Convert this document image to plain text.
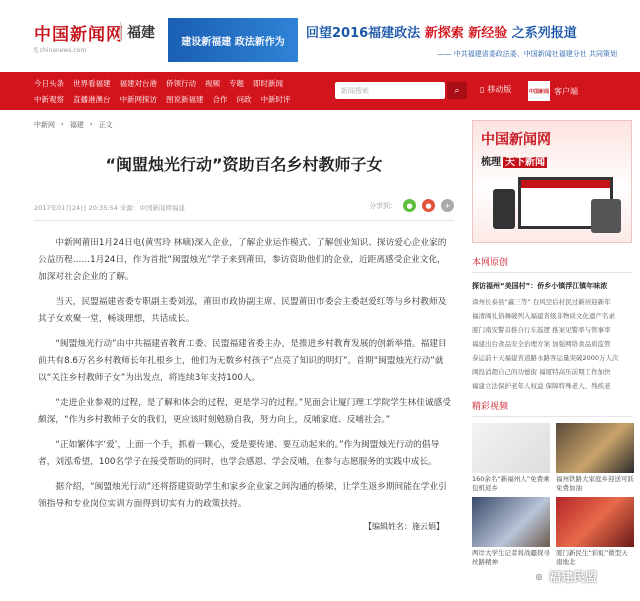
中国新闻网
fj.chinanews.com
福建
建设新福建 政法新作为
回望2016福建政法 新探索 新经验 之系列报道
—— 中共福建省委政法委、中国新闻社福建分社 共同策划
今日头条 世界看福建 福建对台港 侨领行动 视频 专题 即时新闻
中新观察 直播港澳台 中新网探访 图说新福建 合作 问政 中新时评
新闻搜索	⌕	▯ 移动版	中国新闻 客户端
中新网 › 福建 › 正文
“闽盟烛光行动”资助百名乡村教师子女
2017年01月24日 20:35:54 来源：中国新闻网福建	分享到：	●	●	+

中新网莆田1月24日电(黄雪玲 林嘀)深入企业，了解企业运作模式、了解创业知识、探访爱心企业家的公益历程……1月24日，作为首批“闽盟烛光”学子来到莆田，参访资助他们的企业，近距离感受企业文化，加深对社会企业的了解。

当天，民盟福建省委专职副主委刘泓，莆田市政协副主席、民盟莆田市委会主委赵爱红等与乡村教师及其子女欢聚一堂，畅谈理想，共话成长。

“闽盟烛光行动”由中共福建省教育工委、民盟福建省委主办，是推进乡村教育发展的创新举措。福建目前共有8.6万名乡村教师长年扎根乡土，他们为无数乡村孩子“点亮了知识的明灯”。首期“闽盟烛光行动”就以“关注乡村教师子女”为出发点，将连续3年支持100人。

“走进企业参观的过程，是了解和体会的过程，更是学习的过程。”见面会让厦门理工学院学生林佳诚感受颇深，“作为乡村教师子女的我们，更应该时刻勉励自我，努力向上，反哺家庭、反哺社会。”

“正如繁体字‘爱’，上面一个手，抓着一颗心，爱是要传递、要互动起来的。”作为闽盟烛光行动的倡导者，刘泓希望，100名学子在接受帮助的同时，也学会感恩、学会反哺，在参与志愿服务的实践中成长。

据介绍，“闽盟烛光行动”还将搭建资助学生和家乡企业家之间沟通的桥梁，让学生返乡期间能在学业引领指导和专业岗位实训方面得到切实有力的政策扶持。

【编辑姓名：施云娟】
中国新闻网
梳理 天下新闻
本网原创
探访福州“美国村”：侨乡小镇浮江镇年味浓
漳州长泰县“赢三等” 台风空后村民过新居迎新年
福清闽礼俗舞破列入福建省级非物质文化遗产名录
厦门南安警首推自行车巡逻 推案见警率与管事率
福建出台食品安全治理方案 加强网络食品质监管
泰运前十天福建省道路水路客运量突破2000万人次
闽投消超自己的功德街 福厦特高压前期工作加快
福建立法保护老年人权益 保障特殊老人、残疾老
精彩视频
160余名“新福州人”免费乘包机返乡
福州铁路大家庭乡迎送可跃免费加油
两岸大学生记者将战疆探寻丝路精神
厦门新民生“彩虹”微型天南地北
◎ 福建民盟
